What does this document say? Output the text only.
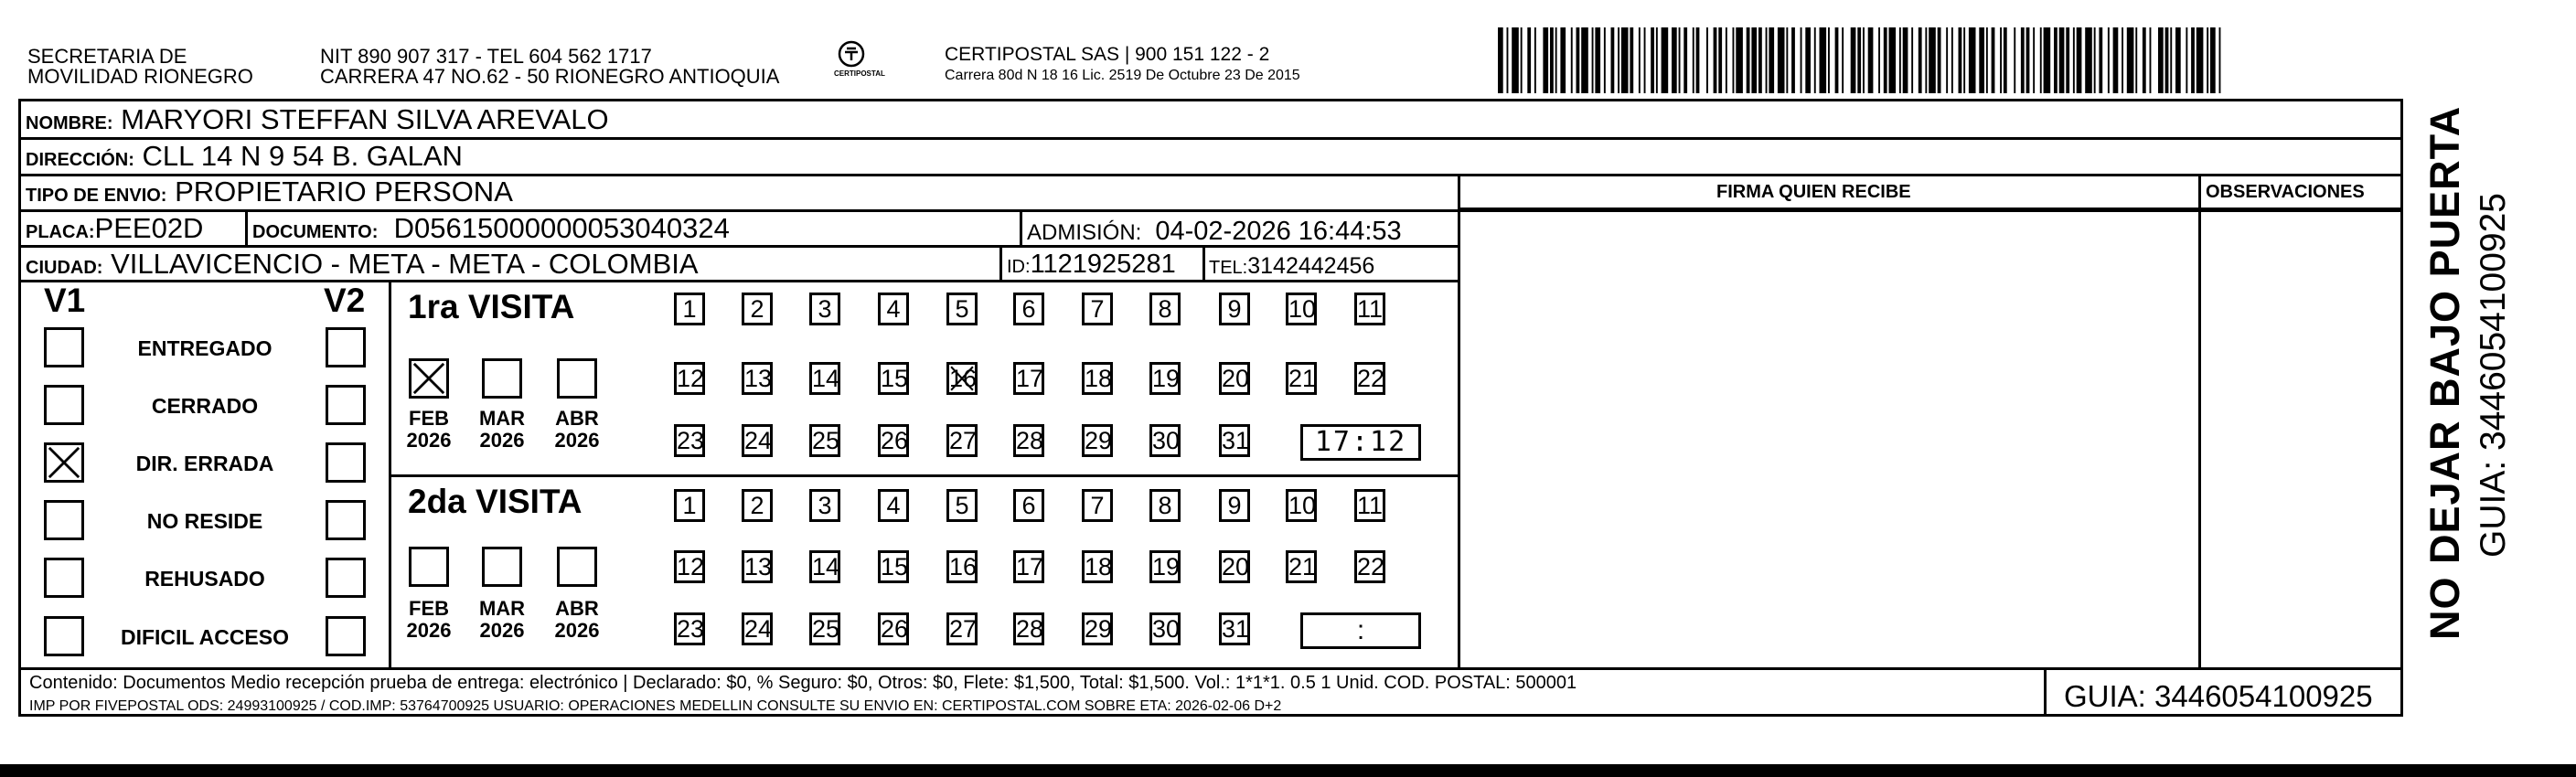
SECRETARIA DE
MOVILIDAD RIONEGRO
NIT 890 907 317 - TEL 604 562 1717
CARRERA 47 NO.62 - 50 RIONEGRO ANTIOQUIA	CERTIPOSTAL
CERTIPOSTAL SAS | 900 151 122 - 2
Carrera 80d N 18 16 Lic. 2519 De Octubre 23 De 2015
NOMBRE: MARYORI STEFFAN SILVA AREVALO
DIRECCIÓN: CLL 14 N 9 54 B. GALAN
TIPO DE ENVIO: PROPIETARIO PERSONA	FIRMA QUIEN RECIBE	OBSERVACIONES
PLACA:PEE02D	DOCUMENTO: D05615000000053040324	ADMISIÓN: 04-02-2026 16:44:53
CIUDAD: VILLAVICENCIO - META - META - COLOMBIA	ID:1121925281 TEL:3142442456
V1	V2
ENTREGADO
CERRADO
DIR. ERRADA
NO RESIDE
REHUSADO
DIFICIL ACCESO
1ra VISITA
2da VISITA
FEB
2026
MAR
2026
ABR
2026
1	2	3	4	5	6	7	8	9	10 11
12 13 14 15 16 17 18 19 20 21 22
23 24 25 26 27 28 29 30 31	17:12
FEB
2026
MAR
2026
ABR
2026
1	2	3	4	5	6	7	8	9	10 11
12 13 14 15 16 17 18 19 20 21 22
23 24 25 26 27 28 29 30 31	:
Contenido: Documentos Medio recepción prueba de entrega: electrónico | Declarado: $0, % Seguro: $0, Otros: $0, Flete: $1,500, Total: $1,500. Vol.: 1*1*1. 0.5 1 Unid. COD. POSTAL: 500001
IMP POR FIVEPOSTAL ODS: 24993100925 / COD.IMP: 53764700925 USUARIO: OPERACIONES MEDELLIN CONSULTE SU ENVIO EN: CERTIPOSTAL.COM SOBRE ETA: 2026-02-06 D+2	GUIA: 3446054100925
NO DEJAR BAJO PUERTA GUIA: 3446054100925
